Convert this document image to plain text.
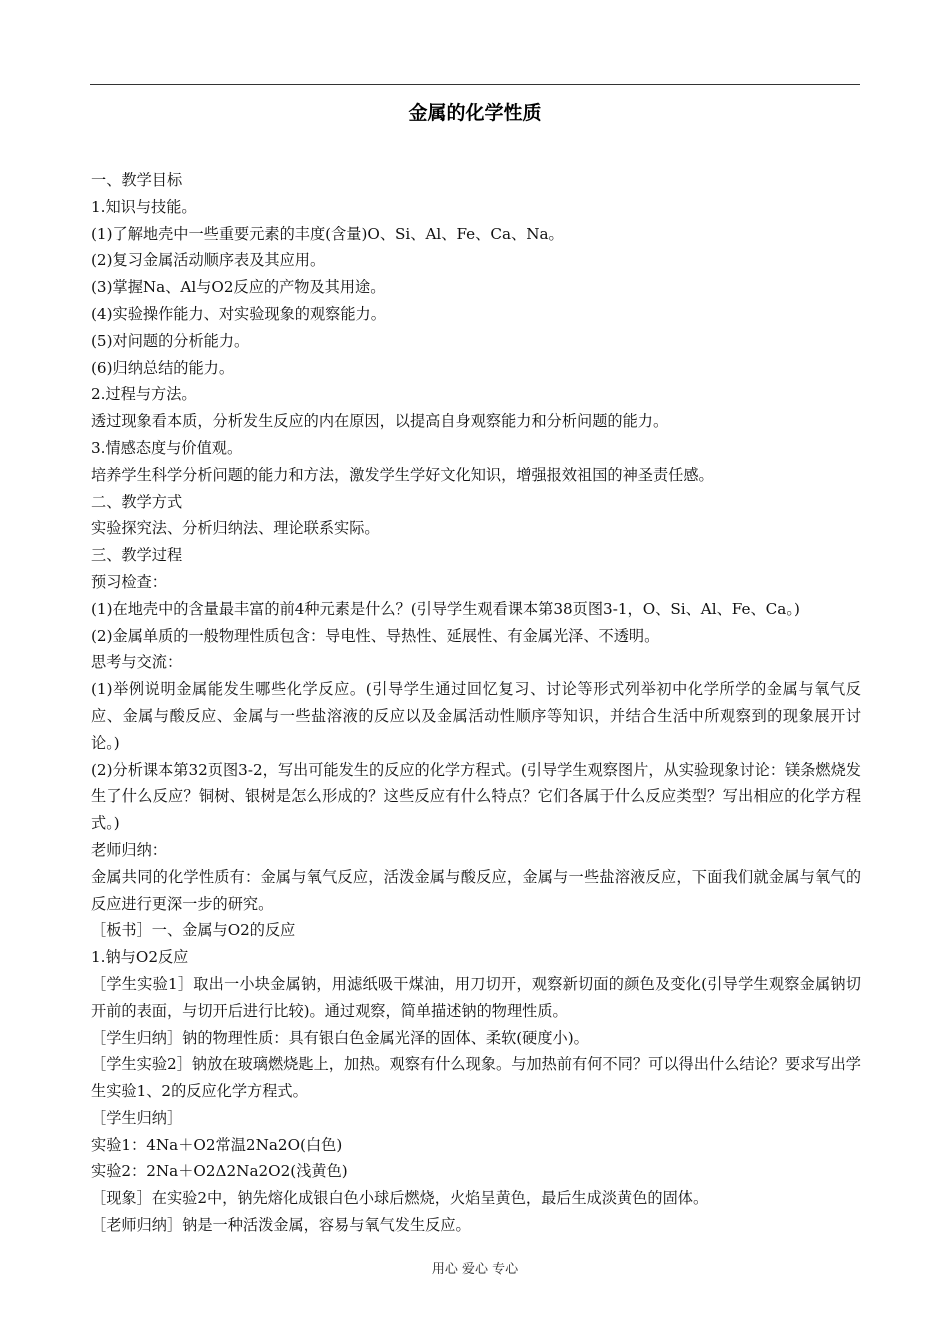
金属的化学性质

一、教学目标

1.知识与技能。

(1)了解地壳中一些重要元素的丰度(含量)O、Si、Al、Fe、Ca、Na。

(2)复习金属活动顺序表及其应用。

(3)掌握Na、Al与O2反应的产物及其用途。

(4)实验操作能力、对实验现象的观察能力。

(5)对问题的分析能力。

(6)归纳总结的能力。

2.过程与方法。

透过现象看本质，分析发生反应的内在原因，以提高自身观察能力和分析问题的能力。

3.情感态度与价值观。

培养学生科学分析问题的能力和方法，激发学生学好文化知识，增强报效祖国的神圣责任感。

二、教学方式

实验探究法、分析归纳法、理论联系实际。

三、教学过程

预习检查：

(1)在地壳中的含量最丰富的前4种元素是什么？(引导学生观看课本第38页图3-1，O、Si、Al、Fe、Ca。)

(2)金属单质的一般物理性质包含：导电性、导热性、延展性、有金属光泽、不透明。

思考与交流：

(1)举例说明金属能发生哪些化学反应。(引导学生通过回忆复习、讨论等形式列举初中化学所学的金属与氧气反应、金属与酸反应、金属与一些盐溶液的反应以及金属活动性顺序等知识，并结合生活中所观察到的现象展开讨论。)

(2)分析课本第32页图3-2，写出可能发生的反应的化学方程式。(引导学生观察图片，从实验现象讨论：镁条燃烧发生了什么反应？铜树、银树是怎么形成的？这些反应有什么特点？它们各属于什么反应类型？写出相应的化学方程式。)

老师归纳：

金属共同的化学性质有：金属与氧气反应，活泼金属与酸反应，金属与一些盐溶液反应，下面我们就金属与氧气的反应进行更深一步的研究。

［板书］一、金属与O2的反应

1.钠与O2反应

［学生实验1］取出一小块金属钠，用滤纸吸干煤油，用刀切开，观察新切面的颜色及变化(引导学生观察金属钠切开前的表面，与切开后进行比较)。通过观察，简单描述钠的物理性质。

［学生归纳］钠的物理性质：具有银白色金属光泽的固体、柔软(硬度小)。

［学生实验2］钠放在玻璃燃烧匙上，加热。观察有什么现象。与加热前有何不同？可以得出什么结论？要求写出学生实验1、2的反应化学方程式。

［学生归纳］

实验1：4Na＋O2常温2Na2O(白色)

实验2：2Na＋O2Δ2Na2O2(浅黄色)

［现象］在实验2中，钠先熔化成银白色小球后燃烧，火焰呈黄色，最后生成淡黄色的固体。

［老师归纳］钠是一种活泼金属，容易与氧气发生反应。

用心 爱心 专心
